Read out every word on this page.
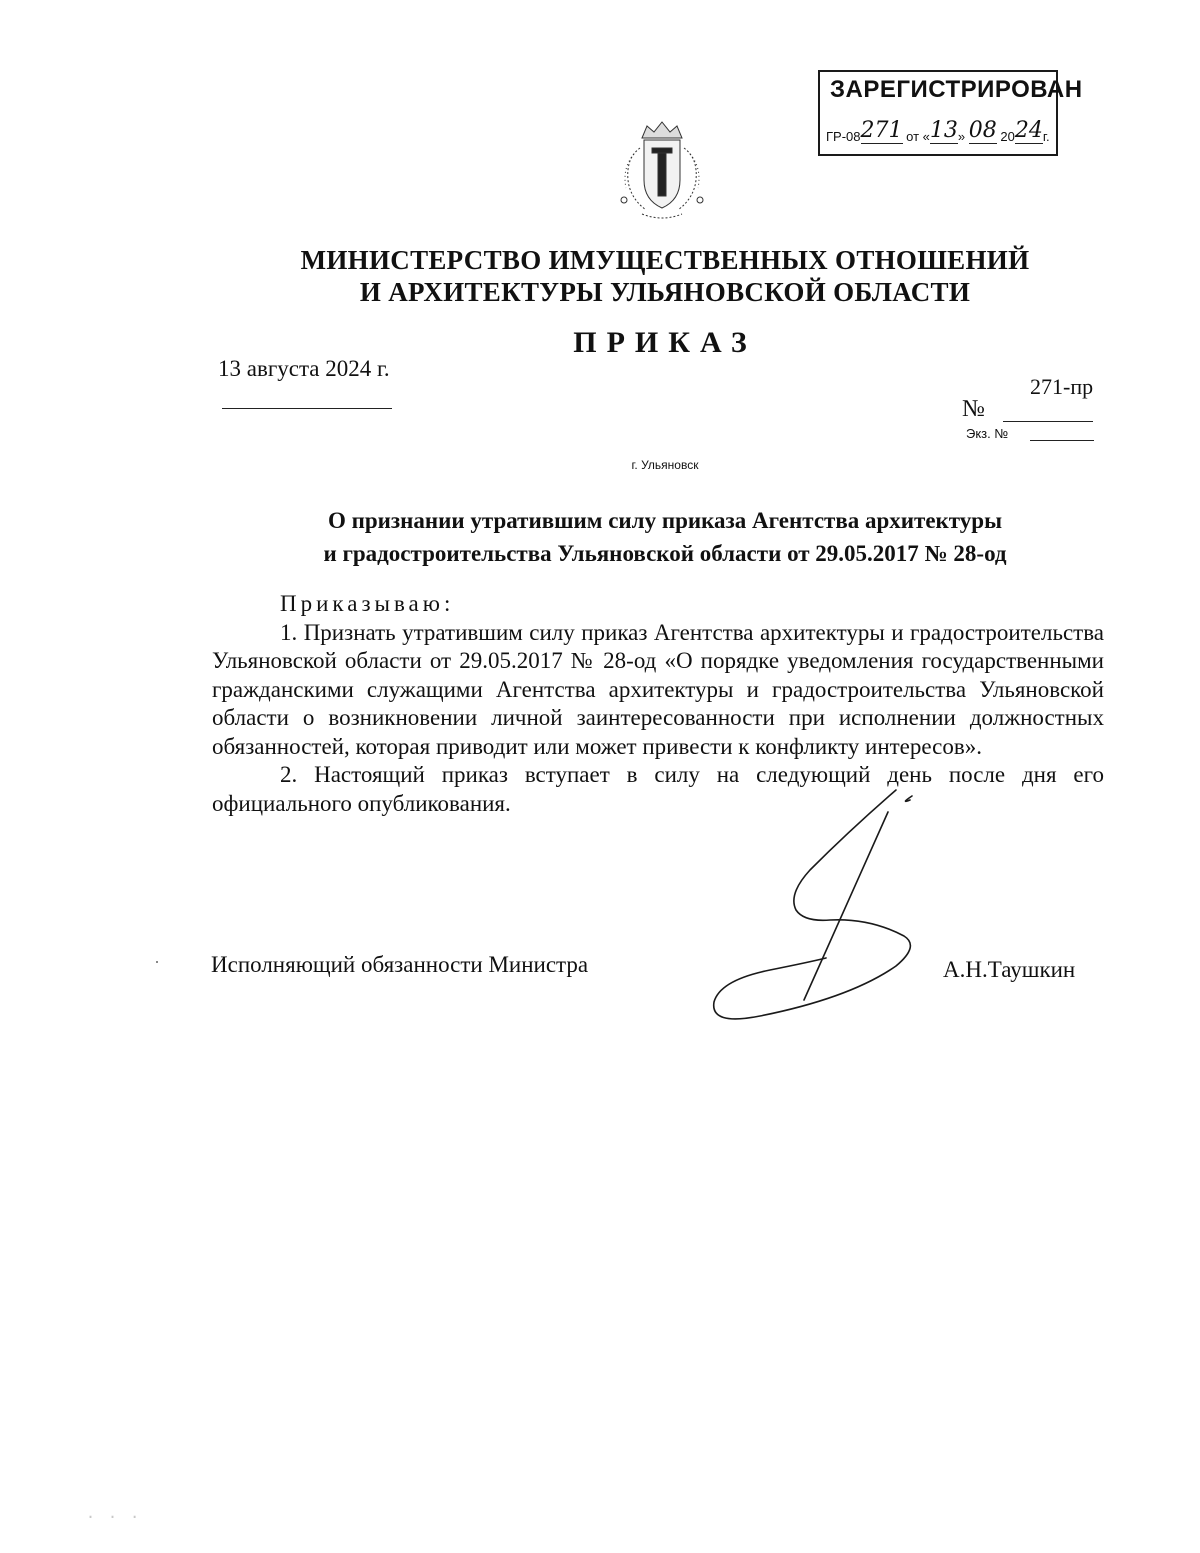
ЗАРЕГИСТРИРОВАН
ГР-08271 от «13» 08 2024г.
МИНИСТЕРСТВО ИМУЩЕСТВЕННЫХ ОТНОШЕНИЙ
И АРХИТЕКТУРЫ УЛЬЯНОВСКОЙ ОБЛАСТИ
ПРИКАЗ
13 августа 2024 г.
271-пр
№
Экз. №
г. Ульяновск
О признании утратившим силу приказа Агентства архитектуры
и градостроительства Ульяновской области от 29.05.2017 № 28-од

Приказываю:

1. Признать утратившим силу приказ Агентства архитектуры и градостроительства Ульяновской области от 29.05.2017 № 28-од «О порядке уведомления государственными гражданскими служащими Агентства архитектуры и градостроительства Ульяновской области о возникновении личной заинтересованности при исполнении должностных обязанностей, которая приводит или может привести к конфликту интересов».

2. Настоящий приказ вступает в силу на следующий день после дня его официального опубликования.

Исполняющий обязанности Министра	А.Н.Таушкин
· · ·
